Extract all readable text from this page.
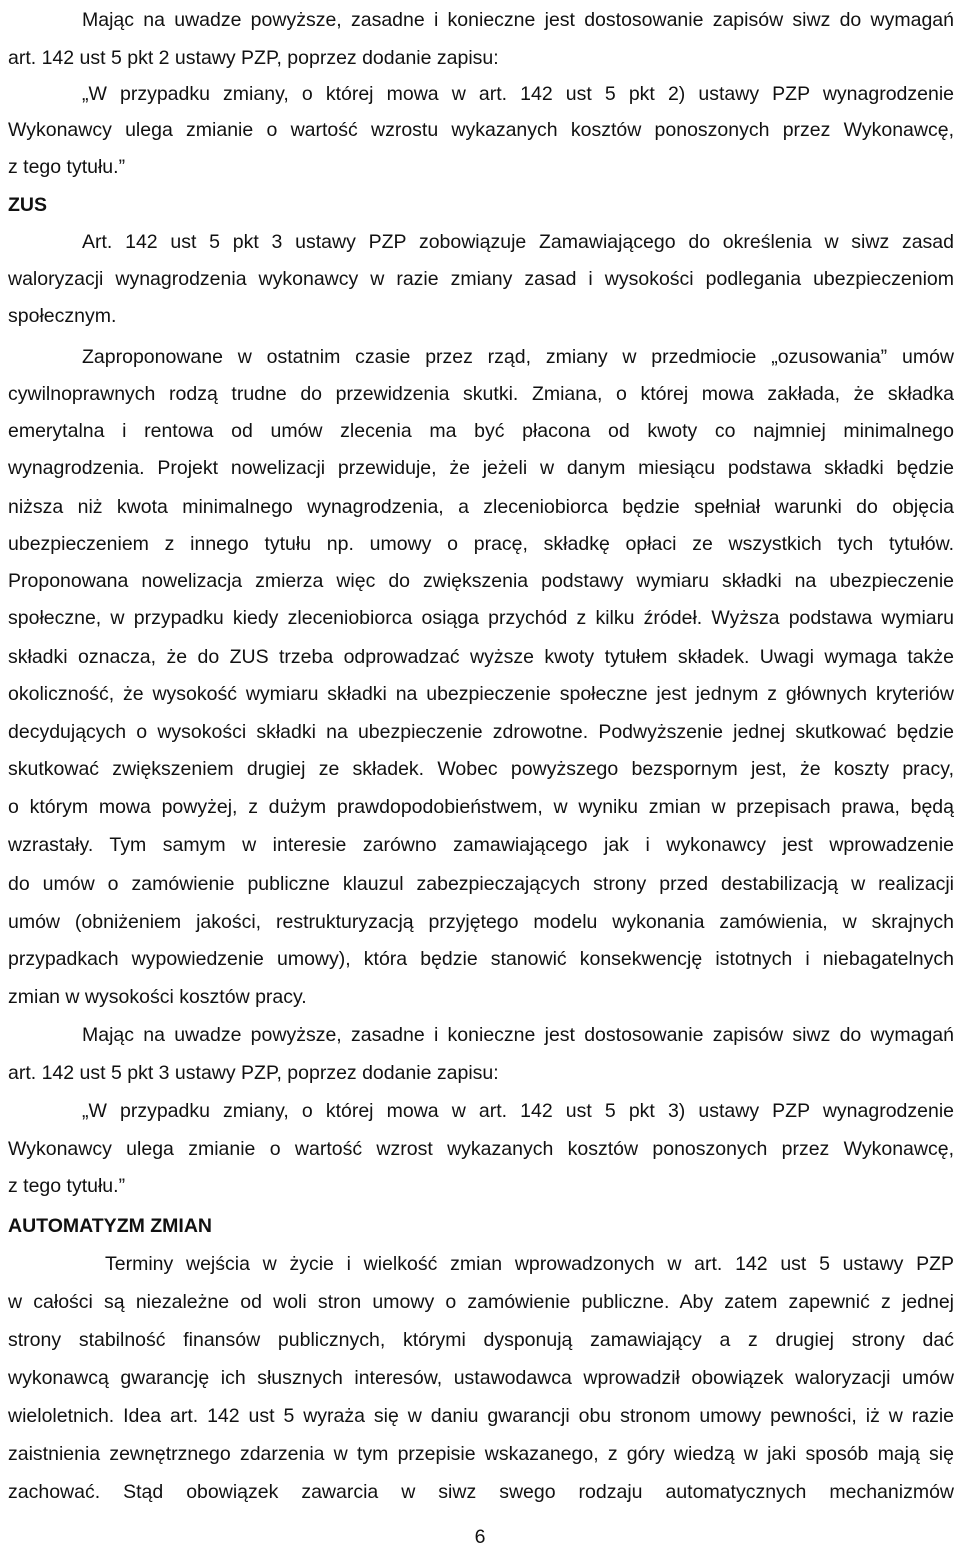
Mając na uwadze powyższe, zasadne i konieczne jest dostosowanie zapisów siwz do wymagań
art. 142 ust 5 pkt 2 ustawy PZP, poprzez dodanie zapisu:
„W przypadku zmiany, o której mowa w art. 142 ust 5 pkt 2) ustawy PZP wynagrodzenie
Wykonawcy ulega zmianie o wartość wzrostu wykazanych kosztów ponoszonych przez Wykonawcę,
z tego tytułu.”
ZUS
Art. 142 ust 5 pkt 3 ustawy PZP zobowiązuje Zamawiającego do określenia w siwz zasad
waloryzacji wynagrodzenia wykonawcy w razie zmiany zasad i wysokości podlegania ubezpieczeniom
społecznym.
Zaproponowane w ostatnim czasie przez rząd, zmiany w przedmiocie „ozusowania” umów
cywilnoprawnych rodzą trudne do przewidzenia skutki. Zmiana, o której mowa zakłada, że składka
emerytalna i rentowa od umów zlecenia ma być płacona od kwoty co najmniej minimalnego
wynagrodzenia. Projekt nowelizacji przewiduje, że jeżeli w danym miesiącu podstawa składki będzie
niższa niż kwota minimalnego wynagrodzenia, a zleceniobiorca będzie spełniał warunki do objęcia
ubezpieczeniem z innego tytułu np. umowy o pracę, składkę opłaci ze wszystkich tych tytułów.
Proponowana nowelizacja zmierza więc do zwiększenia podstawy wymiaru składki na ubezpieczenie
społeczne, w przypadku kiedy zleceniobiorca osiąga przychód z kilku źródeł. Wyższa podstawa wymiaru
składki oznacza, że do ZUS trzeba odprowadzać wyższe kwoty tytułem składek. Uwagi wymaga także
okoliczność, że wysokość wymiaru składki na ubezpieczenie społeczne jest jednym z głównych kryteriów
decydujących o wysokości składki na ubezpieczenie zdrowotne. Podwyższenie jednej skutkować będzie
skutkować zwiększeniem drugiej ze składek. Wobec powyższego bezspornym jest, że koszty pracy,
o którym mowa powyżej, z dużym prawdopodobieństwem, w wyniku zmian w przepisach prawa, będą
wzrastały. Tym samym w interesie zarówno zamawiającego jak i wykonawcy jest wprowadzenie
do umów o zamówienie publiczne klauzul zabezpieczających strony przed destabilizacją w realizacji
umów (obniżeniem jakości, restrukturyzacją przyjętego modelu wykonania zamówienia, w skrajnych
przypadkach wypowiedzenie umowy), która będzie stanowić konsekwencję istotnych i niebagatelnych
zmian w wysokości kosztów pracy.
Mając na uwadze powyższe, zasadne i konieczne jest dostosowanie zapisów siwz do wymagań
art. 142 ust 5 pkt 3 ustawy PZP, poprzez dodanie zapisu:
„W przypadku zmiany, o której mowa w art. 142 ust 5 pkt 3) ustawy PZP wynagrodzenie
Wykonawcy ulega zmianie o wartość wzrost wykazanych kosztów ponoszonych przez Wykonawcę,
z tego tytułu.”
AUTOMATYZM ZMIAN
Terminy wejścia w życie i wielkość zmian wprowadzonych w art. 142 ust 5 ustawy PZP
w całości są niezależne od woli stron umowy o zamówienie publiczne. Aby zatem zapewnić z jednej
strony stabilność finansów publicznych, którymi dysponują zamawiający a z drugiej strony dać
wykonawcą gwarancję ich słusznych interesów, ustawodawca wprowadził obowiązek waloryzacji umów
wieloletnich. Idea art. 142 ust 5 wyraża się w daniu gwarancji obu stronom umowy pewności, iż w razie
zaistnienia zewnętrznego zdarzenia w tym przepisie wskazanego, z góry wiedzą w jaki sposób mają się
zachować. Stąd obowiązek zawarcia w siwz swego rodzaju automatycznych mechanizmów
6
